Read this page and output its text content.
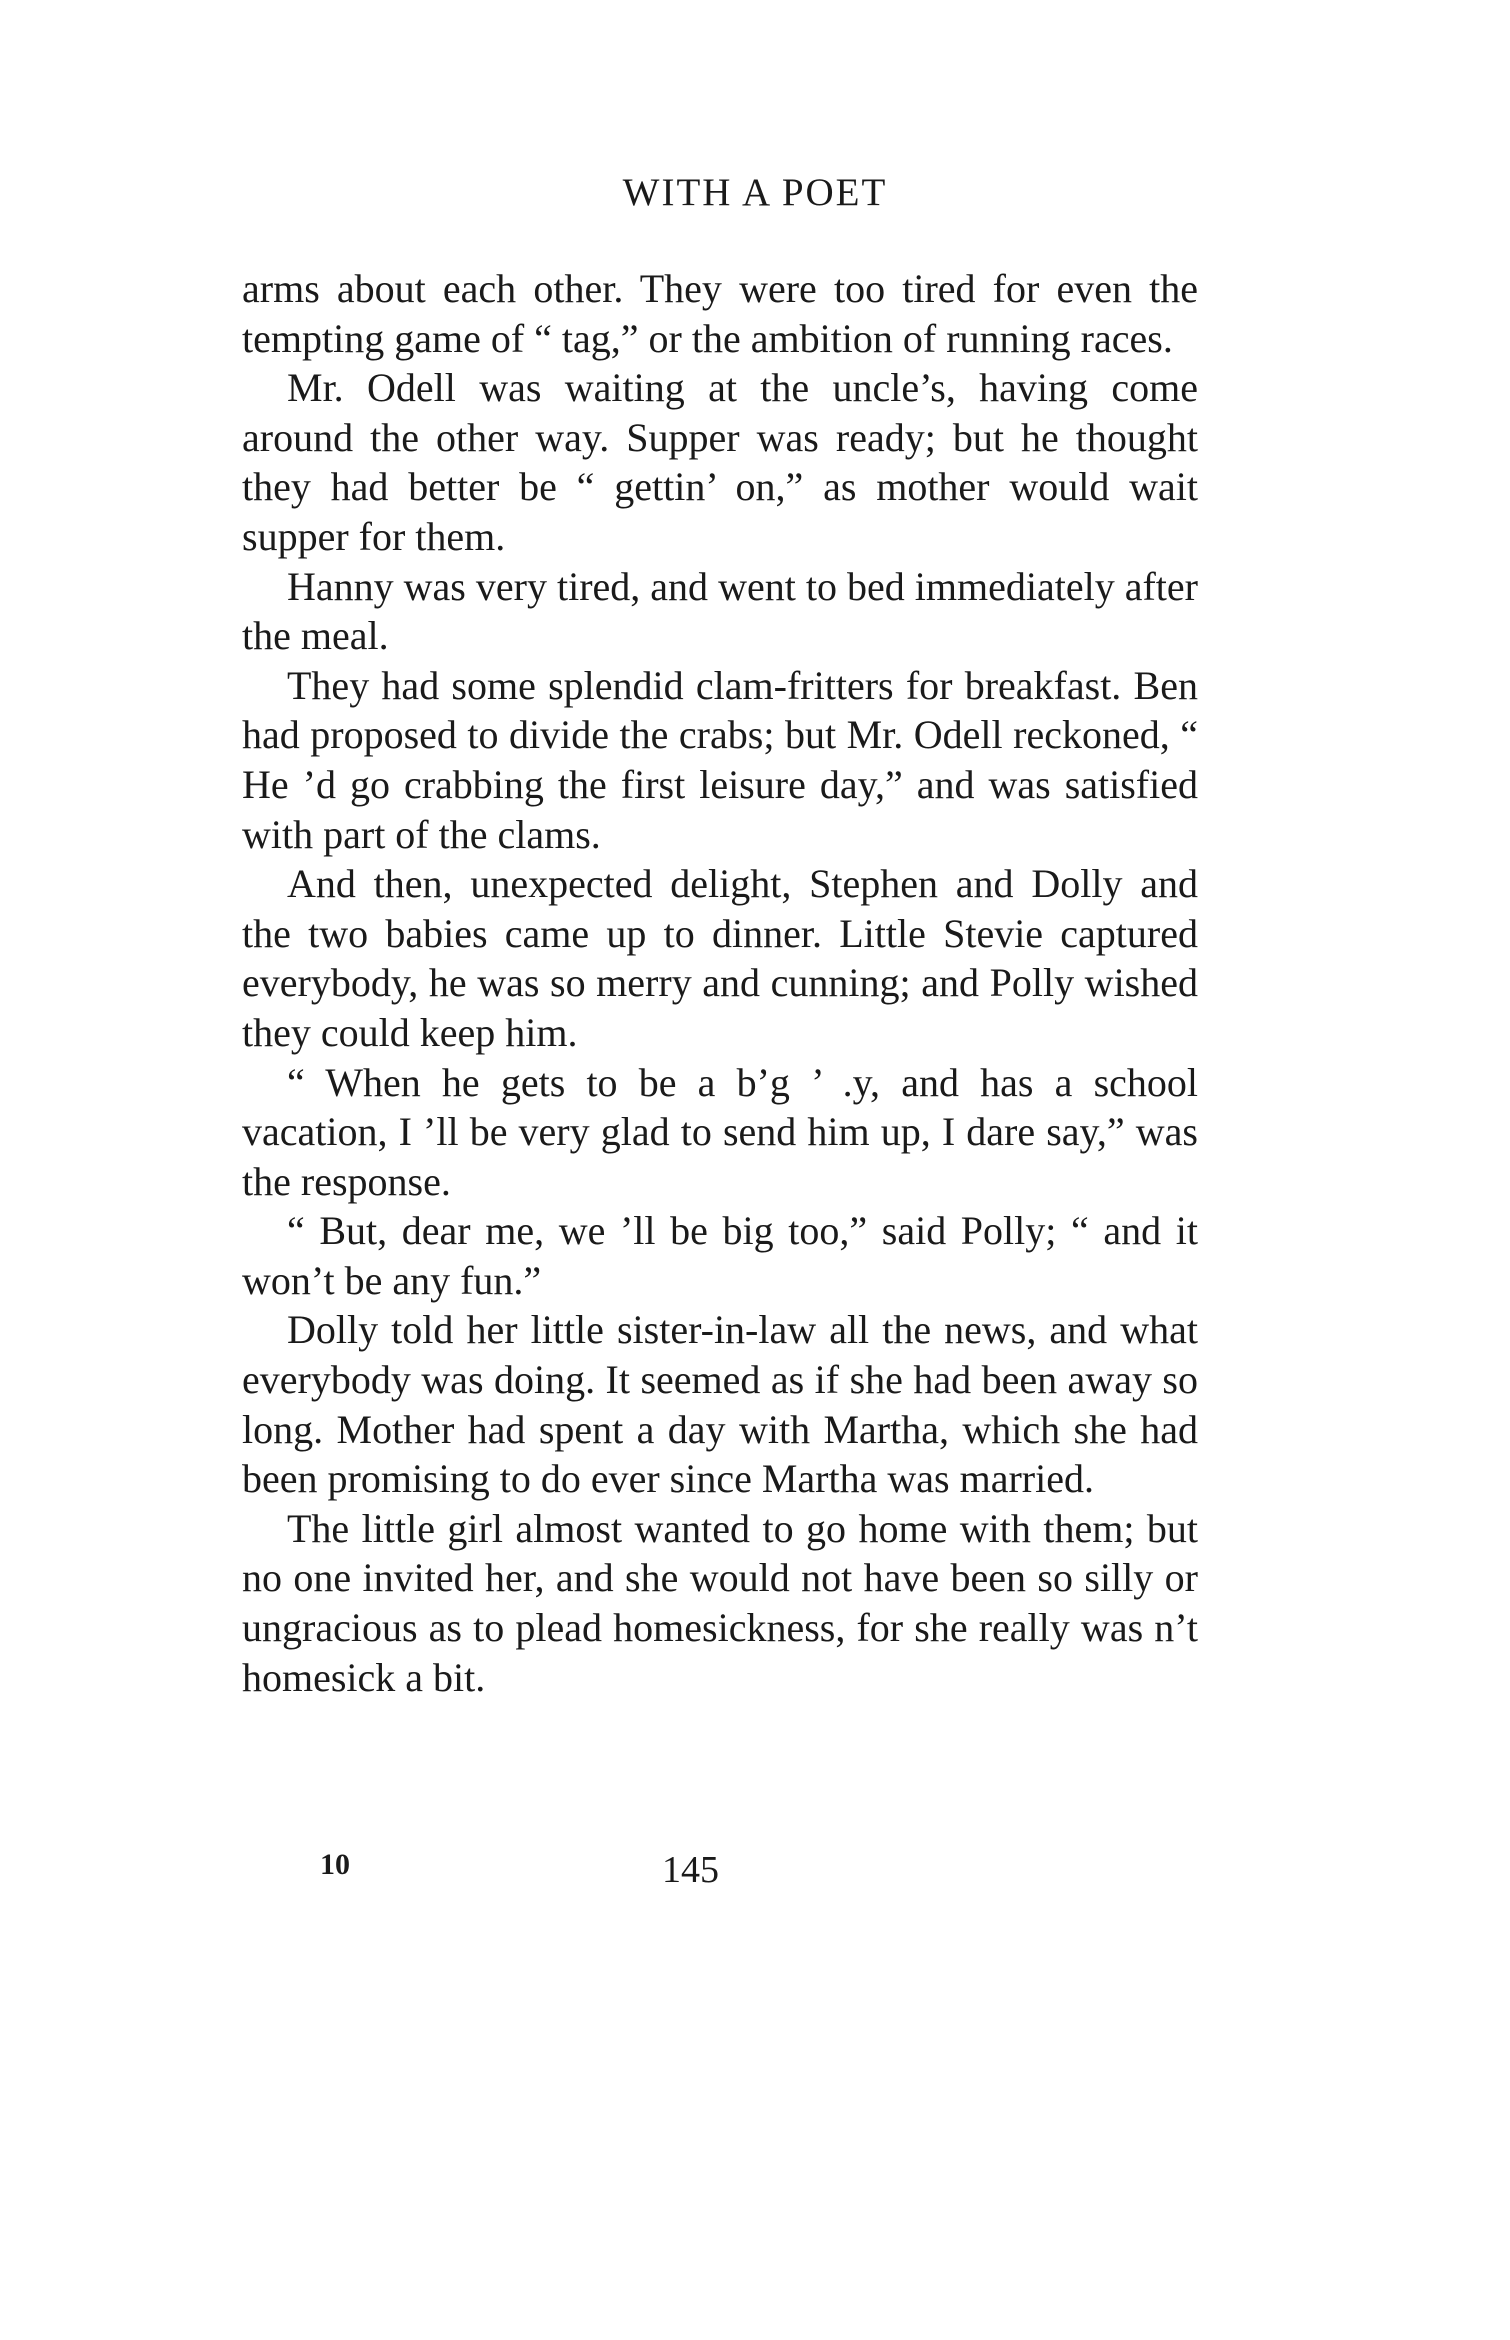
WITH A POET

arms about each other. They were too tired for even the tempting game of “ tag,” or the ambition of running races.

Mr. Odell was waiting at the uncle’s, having come around the other way. Supper was ready; but he thought they had better be “ gettin’ on,” as mother would wait supper for them.

Hanny was very tired, and went to bed immediately after the meal.

They had some splendid clam-fritters for breakfast. Ben had proposed to divide the crabs; but Mr. Odell reckoned, “ He ’d go crabbing the first leisure day,” and was satisfied with part of the clams.

And then, unexpected delight, Stephen and Dolly and the two babies came up to dinner. Little Stevie captured everybody, he was so merry and cunning; and Polly wished they could keep him.

“ When he gets to be a b’g ’ .y, and has a school vacation, I ’ll be very glad to send him up, I dare say,” was the response.

“ But, dear me, we ’ll be big too,” said Polly; “ and it won’t be any fun.”

Dolly told her little sister-in-law all the news, and what everybody was doing. It seemed as if she had been away so long. Mother had spent a day with Martha, which she had been promising to do ever since Martha was married.

The little girl almost wanted to go home with them; but no one invited her, and she would not have been so silly or ungracious as to plead homesickness, for she really was n’t homesick a bit.

10	145
